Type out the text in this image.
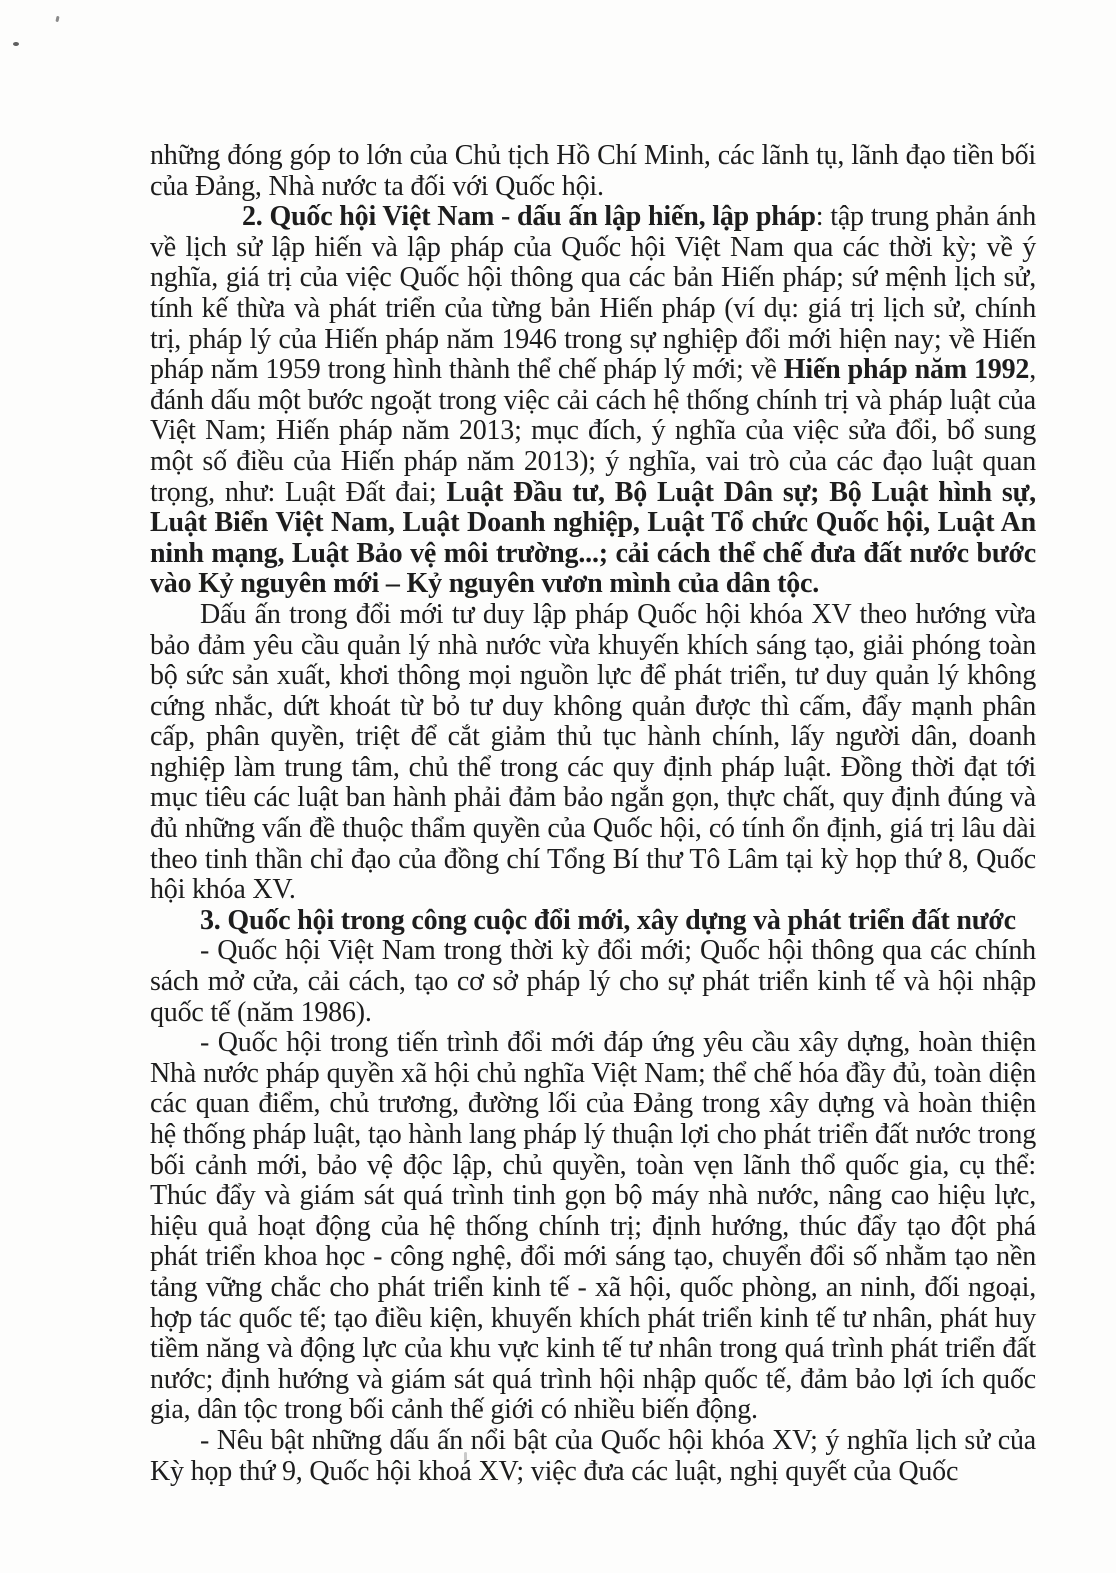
những đóng góp to lớn của Chủ tịch Hồ Chí Minh, các lãnh tụ, lãnh đạo tiền bối của Đảng, Nhà nước ta đối với Quốc hội.

2. Quốc hội Việt Nam - dấu ấn lập hiến, lập pháp: tập trung phản ánh về lịch sử lập hiến và lập pháp của Quốc hội Việt Nam qua các thời kỳ; về ý nghĩa, giá trị của việc Quốc hội thông qua các bản Hiến pháp; sứ mệnh lịch sử, tính kế thừa và phát triển của từng bản Hiến pháp (ví dụ: giá trị lịch sử, chính trị, pháp lý của Hiến pháp năm 1946 trong sự nghiệp đổi mới hiện nay; về Hiến pháp năm 1959 trong hình thành thể chế pháp lý mới; về Hiến pháp năm 1992, đánh dấu một bước ngoặt trong việc cải cách hệ thống chính trị và pháp luật của Việt Nam; Hiến pháp năm 2013; mục đích, ý nghĩa của việc sửa đổi, bổ sung một số điều của Hiến pháp năm 2013); ý nghĩa, vai trò của các đạo luật quan trọng, như: Luật Đất đai; Luật Đầu tư, Bộ Luật Dân sự; Bộ Luật hình sự, Luật Biển Việt Nam, Luật Doanh nghiệp, Luật Tổ chức Quốc hội, Luật An ninh mạng, Luật Bảo vệ môi trường...; cải cách thể chế đưa đất nước bước vào Kỷ nguyên mới – Kỷ nguyên vươn mình của dân tộc.

Dấu ấn trong đổi mới tư duy lập pháp Quốc hội khóa XV theo hướng vừa bảo đảm yêu cầu quản lý nhà nước vừa khuyến khích sáng tạo, giải phóng toàn bộ sức sản xuất, khơi thông mọi nguồn lực để phát triển, tư duy quản lý không cứng nhắc, dứt khoát từ bỏ tư duy không quản được thì cấm, đẩy mạnh phân cấp, phân quyền, triệt để cắt giảm thủ tục hành chính, lấy người dân, doanh nghiệp làm trung tâm, chủ thể trong các quy định pháp luật. Đồng thời đạt tới mục tiêu các luật ban hành phải đảm bảo ngắn gọn, thực chất, quy định đúng và đủ những vấn đề thuộc thẩm quyền của Quốc hội, có tính ổn định, giá trị lâu dài theo tinh thần chỉ đạo của đồng chí Tổng Bí thư Tô Lâm tại kỳ họp thứ 8, Quốc hội khóa XV.

3. Quốc hội trong công cuộc đổi mới, xây dựng và phát triển đất nước

- Quốc hội Việt Nam trong thời kỳ đổi mới; Quốc hội thông qua các chính sách mở cửa, cải cách, tạo cơ sở pháp lý cho sự phát triển kinh tế và hội nhập quốc tế (năm 1986).

- Quốc hội trong tiến trình đổi mới đáp ứng yêu cầu xây dựng, hoàn thiện Nhà nước pháp quyền xã hội chủ nghĩa Việt Nam; thể chế hóa đầy đủ, toàn diện các quan điểm, chủ trương, đường lối của Đảng trong xây dựng và hoàn thiện hệ thống pháp luật, tạo hành lang pháp lý thuận lợi cho phát triển đất nước trong bối cảnh mới, bảo vệ độc lập, chủ quyền, toàn vẹn lãnh thổ quốc gia, cụ thể: Thúc đẩy và giám sát quá trình tinh gọn bộ máy nhà nước, nâng cao hiệu lực, hiệu quả hoạt động của hệ thống chính trị; định hướng, thúc đẩy tạo đột phá phát triển khoa học - công nghệ, đổi mới sáng tạo, chuyển đổi số nhằm tạo nền tảng vững chắc cho phát triển kinh tế - xã hội, quốc phòng, an ninh, đối ngoại, hợp tác quốc tế; tạo điều kiện, khuyến khích phát triển kinh tế tư nhân, phát huy tiềm năng và động lực của khu vực kinh tế tư nhân trong quá trình phát triển đất nước; định hướng và giám sát quá trình hội nhập quốc tế, đảm bảo lợi ích quốc gia, dân tộc trong bối cảnh thế giới có nhiều biến động.

- Nêu bật những dấu ấn nổi bật của Quốc hội khóa XV; ý nghĩa lịch sử của Kỳ họp thứ 9, Quốc hội khoá XV; việc đưa các luật, nghị quyết của Quốc
